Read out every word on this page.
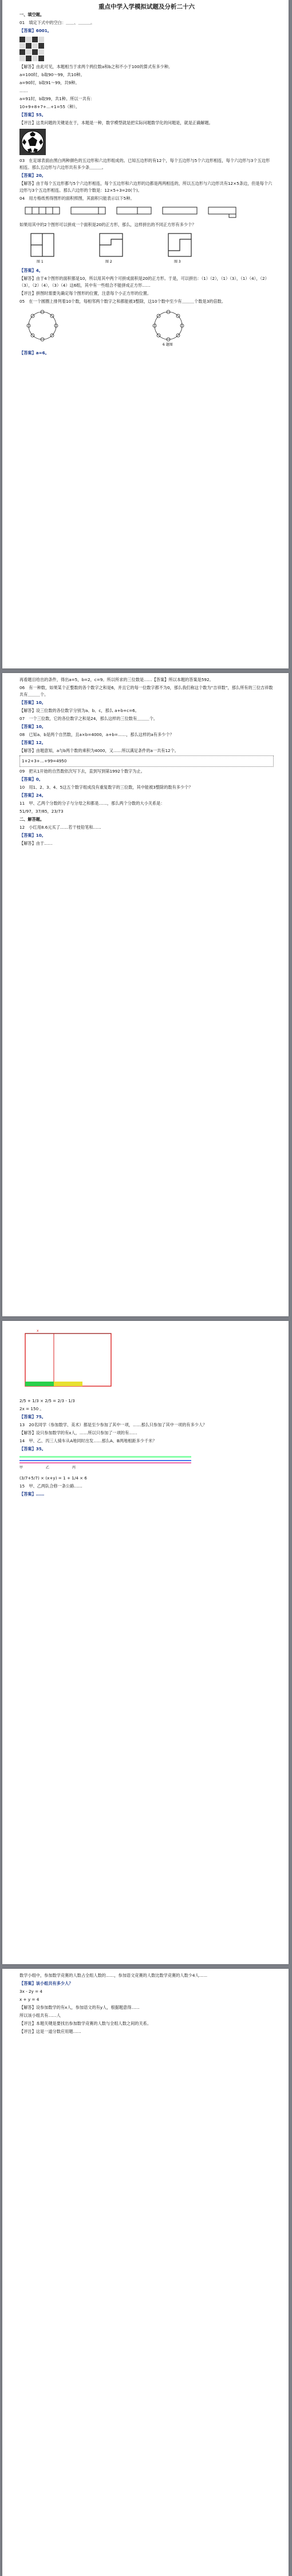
重点中学入学模拟试题及分析二十六

一、填空题。

01　填定下式中的空白：＿＿、＿＿＿。

【答案】6001。

【解答】由此可见，本题相当于求两个两位数a和b之和不小于100的算式有多少种。

a=100时，b取90～99，共10种。

a=90时，b取91～99，共9种。

……

a=91时，b取99，共1种。所以一共有：

10+9+8+7+…+1=55（种）。

【答案】55。

【评注】这类问题的关键是在于，本题是一种，数学模型就是把实际问题数学化的问题是，就是正确解题。

03　在足球表面由黑白两种颜色的五边形和六边形组成的。已知五边形的有12个，每个五边形与5个六边形相连，每个六边形与3个五边形相连。那么五边形与六边形共有多少条＿＿＿。

【答案】20。

【解答】由于每个五边形都与5个六边形相连，每个五边形和六边形的边都是两两相连的，所以五边形与六边形共有12×5条边，但是每个六边形与3个五边形相连。那么六边形的个数是：12×5÷3=20(个)。

04　用方格纸剪得图形的面积照图，其面积只能表示以下5种。

如果用其中的2个图形可以拼成一个面积是20的正方形，那么，这样拼出的不同正方形有多少个？

图 1	图 2	图 3

【答案】4。

【解答】由于4个图形的面积都是10，所以用其中两个可拼成面积是20的正方形。于是，可以拼出：（1）（2），（1）（3），（1）（4），（2）（3），（2）（4），（3）（4）这6组，其中有一些组合不能拼成正方形……

【评注】拼图时需要先确定每个图形的位置，注意每个小正方形的位置。

05　在一个圆圈上排列着10个数，每相邻两个数字之和都能被3整除，这10个数中至少有＿＿＿个数是3的倍数。

6 题图

【答案】a=6。

再看题目给出的条件，得出a=5，b=2，c=9。所以所求的三位数是……【答案】所以本题的答案是592。

06　有一种数，如果某个正整数的各个数字之和是6，并且它的每一位数字都不为0，那么我们称这个数为“吉祥数”，那么所有的三位吉祥数共有＿＿＿个。

【答案】10。

【解答】设三位数的各位数字分别为a、b、c，那么 a+b+c=6。

07　一个三位数，它的各位数字之和是24，那么这样的三位数有＿＿＿个。

【答案】10。

08　已知a、b是两个自然数，且a×b=4000，a+b=……，那么这样的a有多少个？

【答案】12。

【解答】由题意知，a与b两个数的乘积为4000，又……所以满足条件的a一共有12个。

1+2+3+…+99=4950

09　把从1开始的自然数依次写下去，直到写到第1992个数字为止。

【答案】0。

10　用1、2、3、4、5这五个数字组成没有重复数字的三位数，其中能被3整除的数有多少个？

【答案】24。

11　甲、乙两个分数的分子与分母之和都是……，那么两个分数的大小关系是：

51/97，37/85，23/73

二、解答题。

12　小红用8.6元买了……若干枝铅笔和……

【答案】10。

【解答】由于……

x

2/5 + 1/3 × 2/5 = 2/3 - 1/3

2x = 150 。

【答案】75。

13　20名同学（参加数学、美术）都是至少参加了其中一项，……那么只参加了其中一项的有多少人？

【解答】设只参加数学的有x人，……所以只参加了一项的有……

14　甲、乙、丙三人骑车从A地同时出发……那么A、B两地相距多少千米？

【答案】35。

甲	乙	丙

(3/7+5/7) × (x+y) = 1 + 1/4 × 6

15　甲、乙两队合修一条公路……

【答案】……

数学小组中，参加数学竞赛的人数占全组人数的……，参加语文竞赛的人数比数学竞赛的人数少4人……

【答案】该小组共有多少人？

3x - 2y = 4

x + y = 4

【解答】设参加数学的有x人，参加语文的有y人，根据题意得……

所以该小组共有……人

【评注】本题关键是要找出参加数学竞赛的人数与全组人数之间的关系。

【评注】这是一道分数应用题……
